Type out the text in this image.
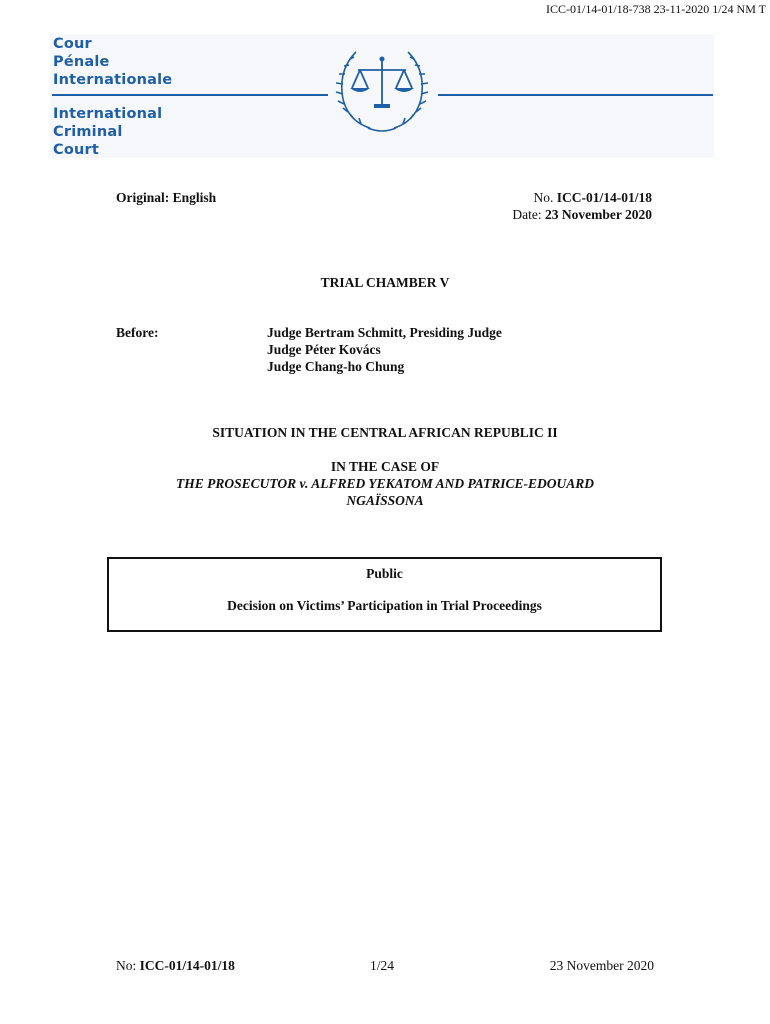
ICC-01/14-01/18-738 23-11-2020 1/24 NM T
Cour
Pénale
Internationale
International
Criminal
Court
Original: English	No. ICC-01/14-01/18
Date: 23 November 2020
TRIAL CHAMBER V
Before:	Judge Bertram Schmitt, Presiding Judge
Judge Péter Kovács
Judge Chang-ho Chung
SITUATION IN THE CENTRAL AFRICAN REPUBLIC II
IN THE CASE OF
THE PROSECUTOR v. ALFRED YEKATOM AND PATRICE-EDOUARD NGAÏSSONA
Public
Decision on Victims’ Participation in Trial Proceedings
No: ICC-01/14-01/18	1/24	23 November 2020
